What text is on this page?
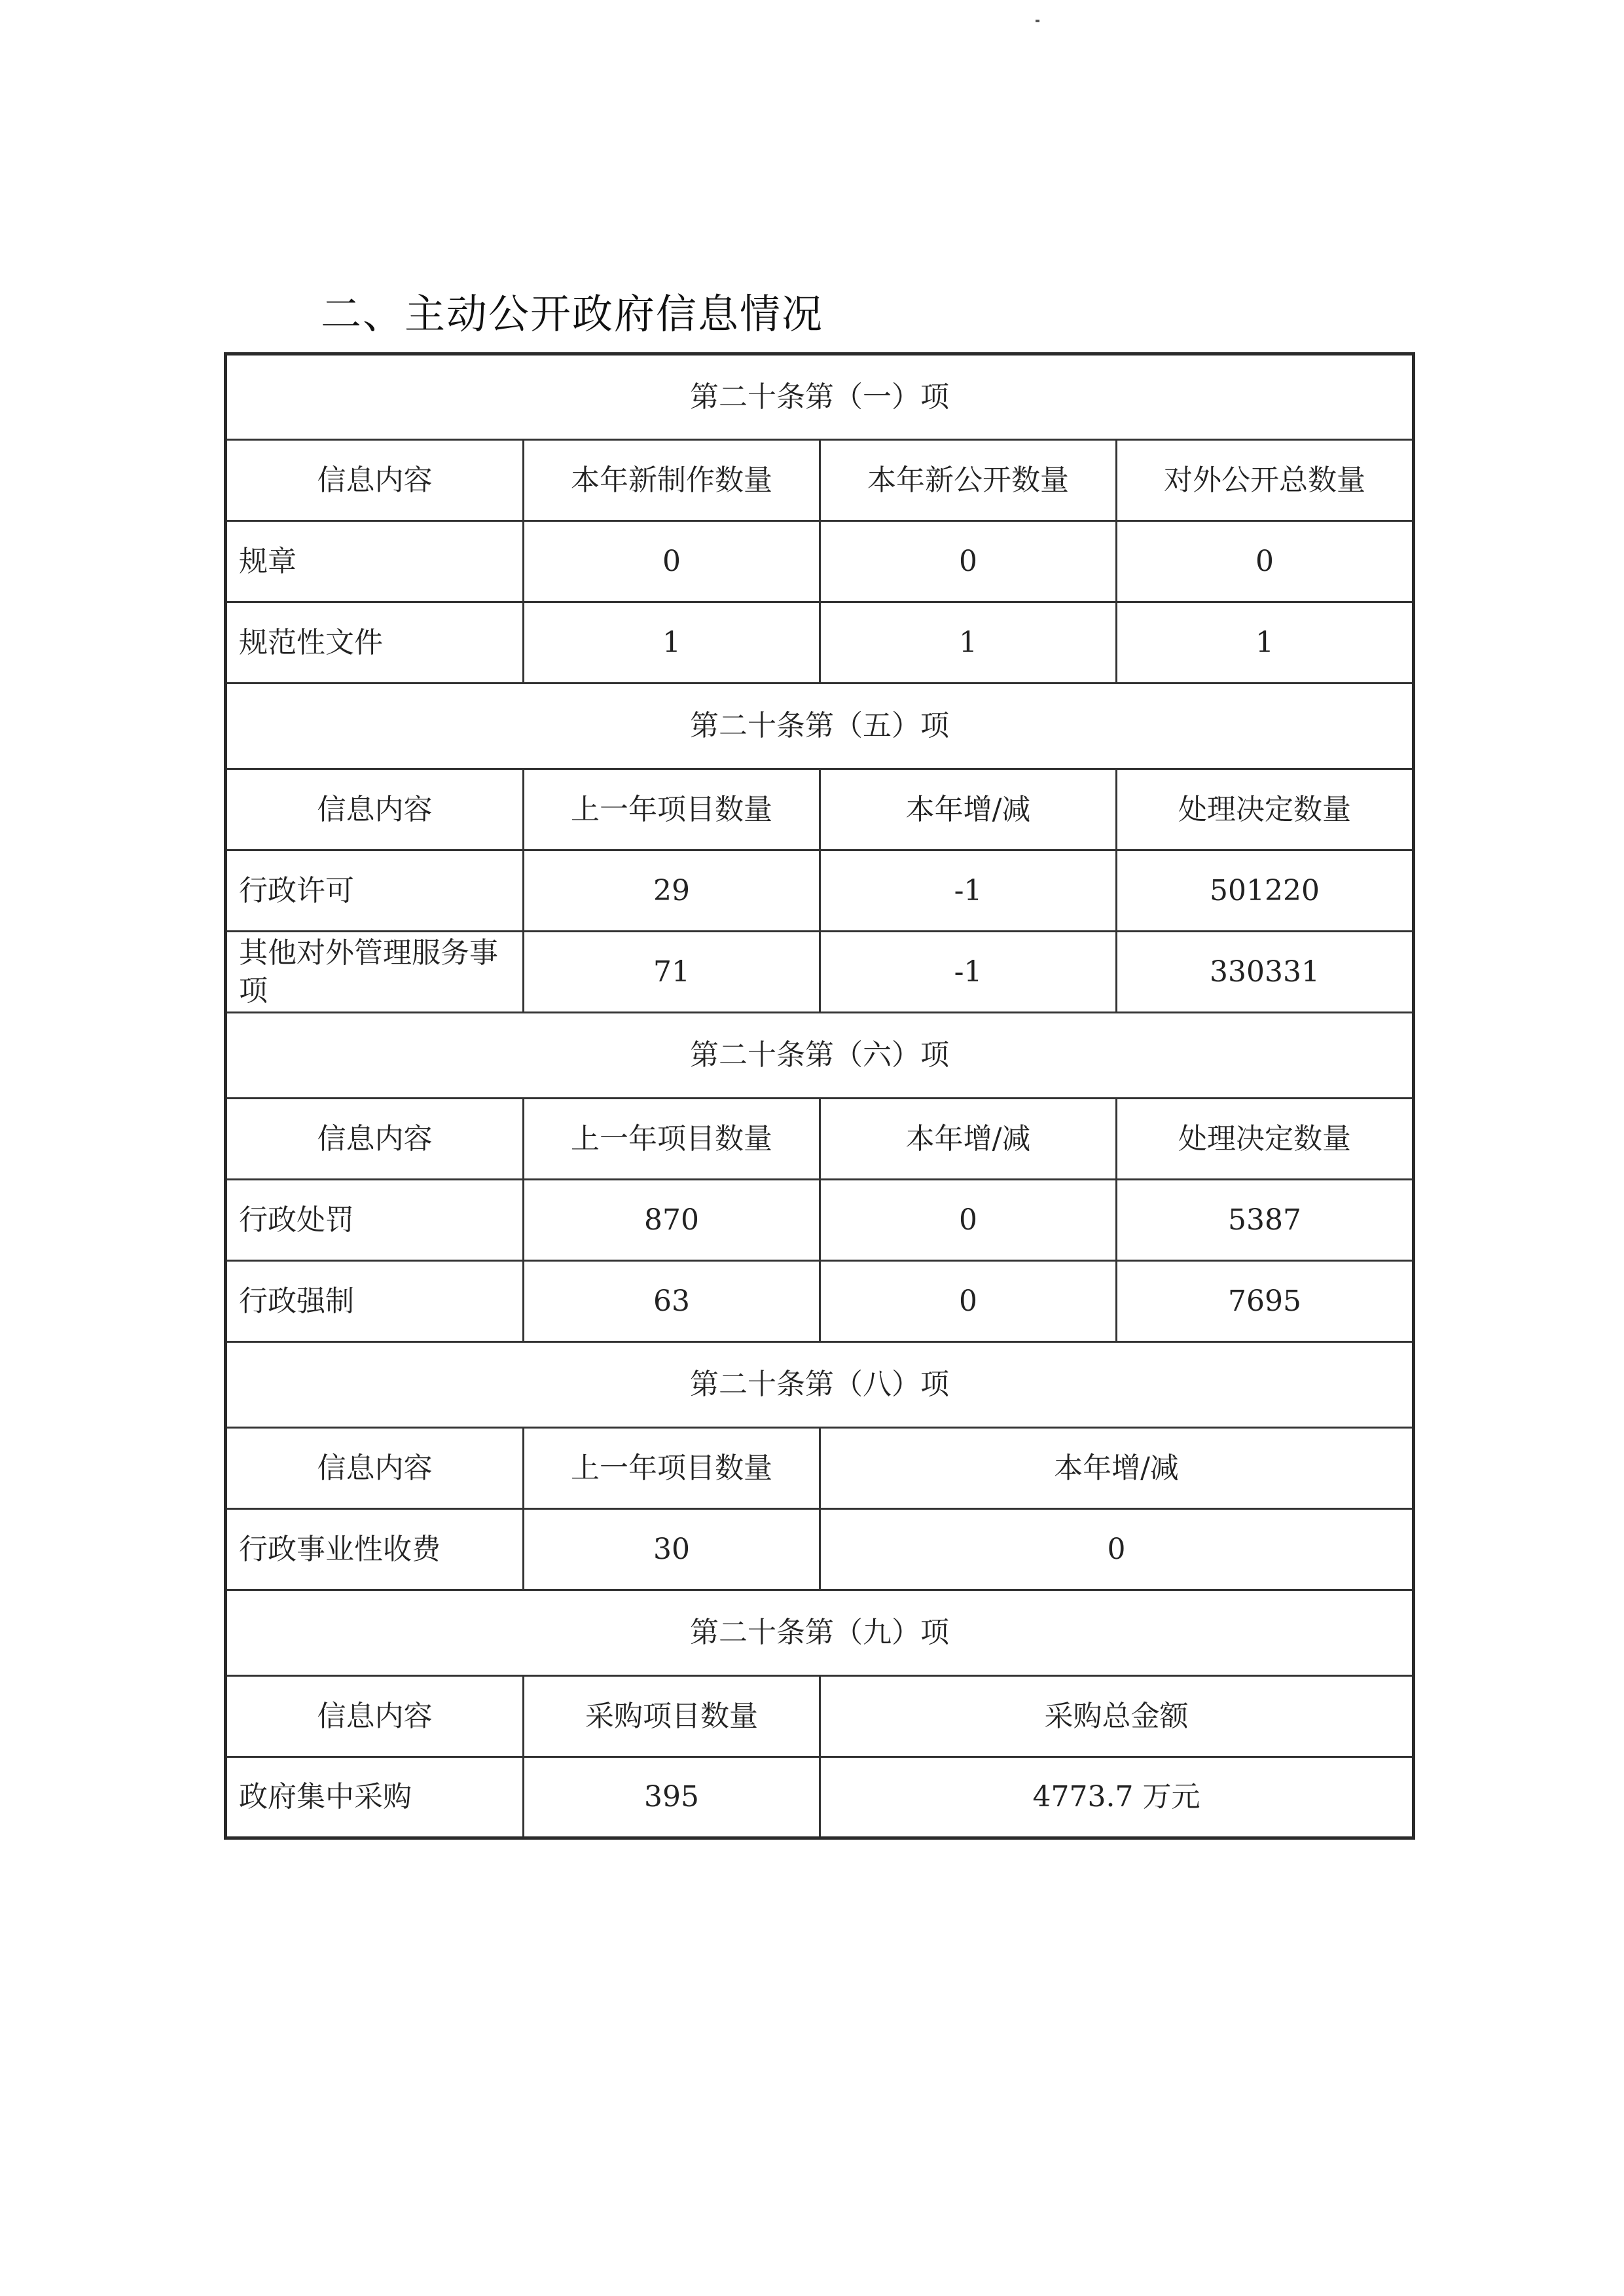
二、主动公开政府信息情况
第二十条第（一）项			
信息内容	本年新制作数量	本年新公开数量	对外公开总数量
规章	0	0	0
规范性文件	1	1	1
第二十条第（五）项			
信息内容	上一年项目数量	本年增/减	处理决定数量
行政许可	29	-1	501220
其他对外管理服务事项	71	-1	330331
第二十条第（六）项			
信息内容	上一年项目数量	本年增/减	处理决定数量
行政处罚	870	0	5387
行政强制	63	0	7695
第二十条第（八）项			
信息内容	上一年项目数量	本年增/减	
行政事业性收费	30	0	
第二十条第（九）项			
信息内容	采购项目数量	采购总金额	
政府集中采购	395	4773.7 万元	
